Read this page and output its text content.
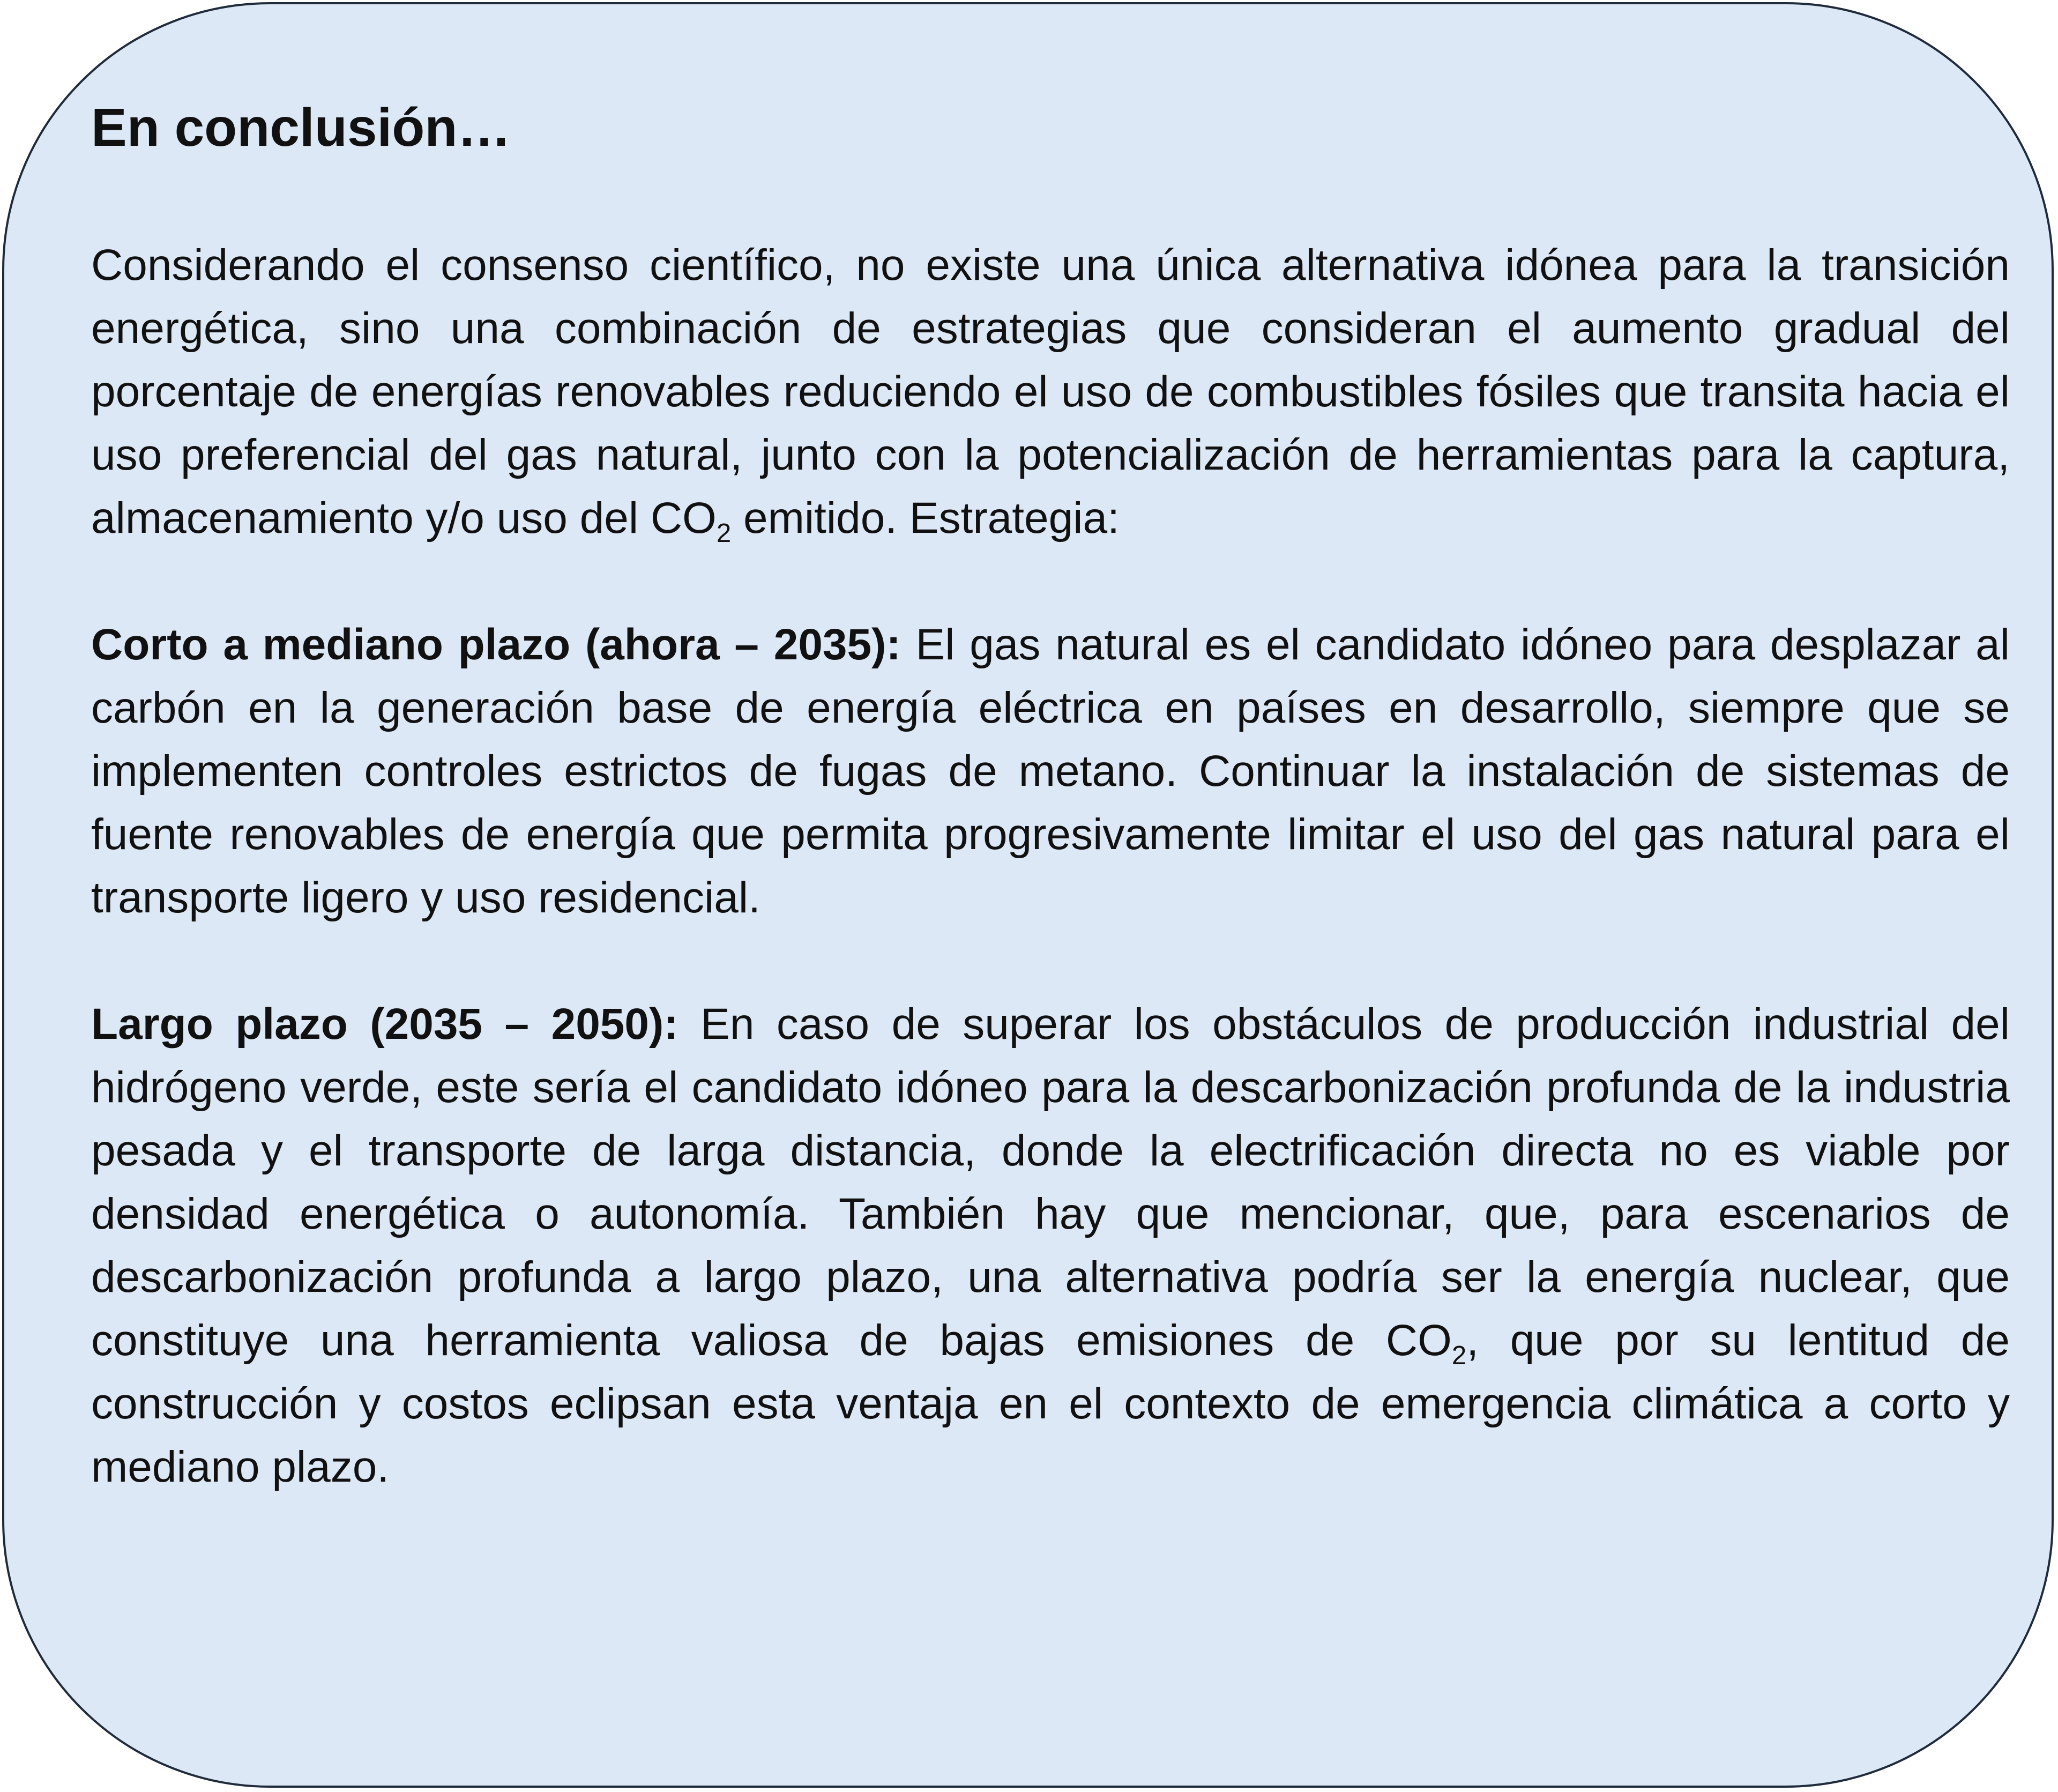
En conclusión…

Considerando el consenso científico, no existe una única alternativa idónea para la transición energética, sino una combinación de estrategias que consideran el aumento gradual del porcentaje de energías renovables reduciendo el uso de combustibles fósiles que transita hacia el uso preferencial del gas natural, junto con la potencialización de herramientas para la captura, almacenamiento y/o uso del $CO_2$ emitido. Estrategia:

Corto a mediano plazo (ahora – 2035): El gas natural es el candidato idóneo para desplazar al carbón en la generación base de energía eléctrica en países en desarrollo, siempre que se implementen controles estrictos de fugas de metano. Continuar la instalación de sistemas de fuente renovables de energía que permita progresivamente limitar el uso del gas natural para el transporte ligero y uso residencial.

Largo plazo (2035 – 2050): En caso de superar los obstáculos de producción industrial del hidrógeno verde, este sería el candidato idóneo para la descarbonización profunda de la industria pesada y el transporte de larga distancia, donde la electrificación directa no es viable por densidad energética o autonomía. También hay que mencionar, que, para escenarios de descarbonización profunda a largo plazo, una alternativa podría ser la energía nuclear, que constituye una herramienta valiosa de bajas emisiones de $CO_2$, que por su lentitud de construcción y costos eclipsan esta ventaja en el contexto de emergencia climática a corto y mediano plazo.
